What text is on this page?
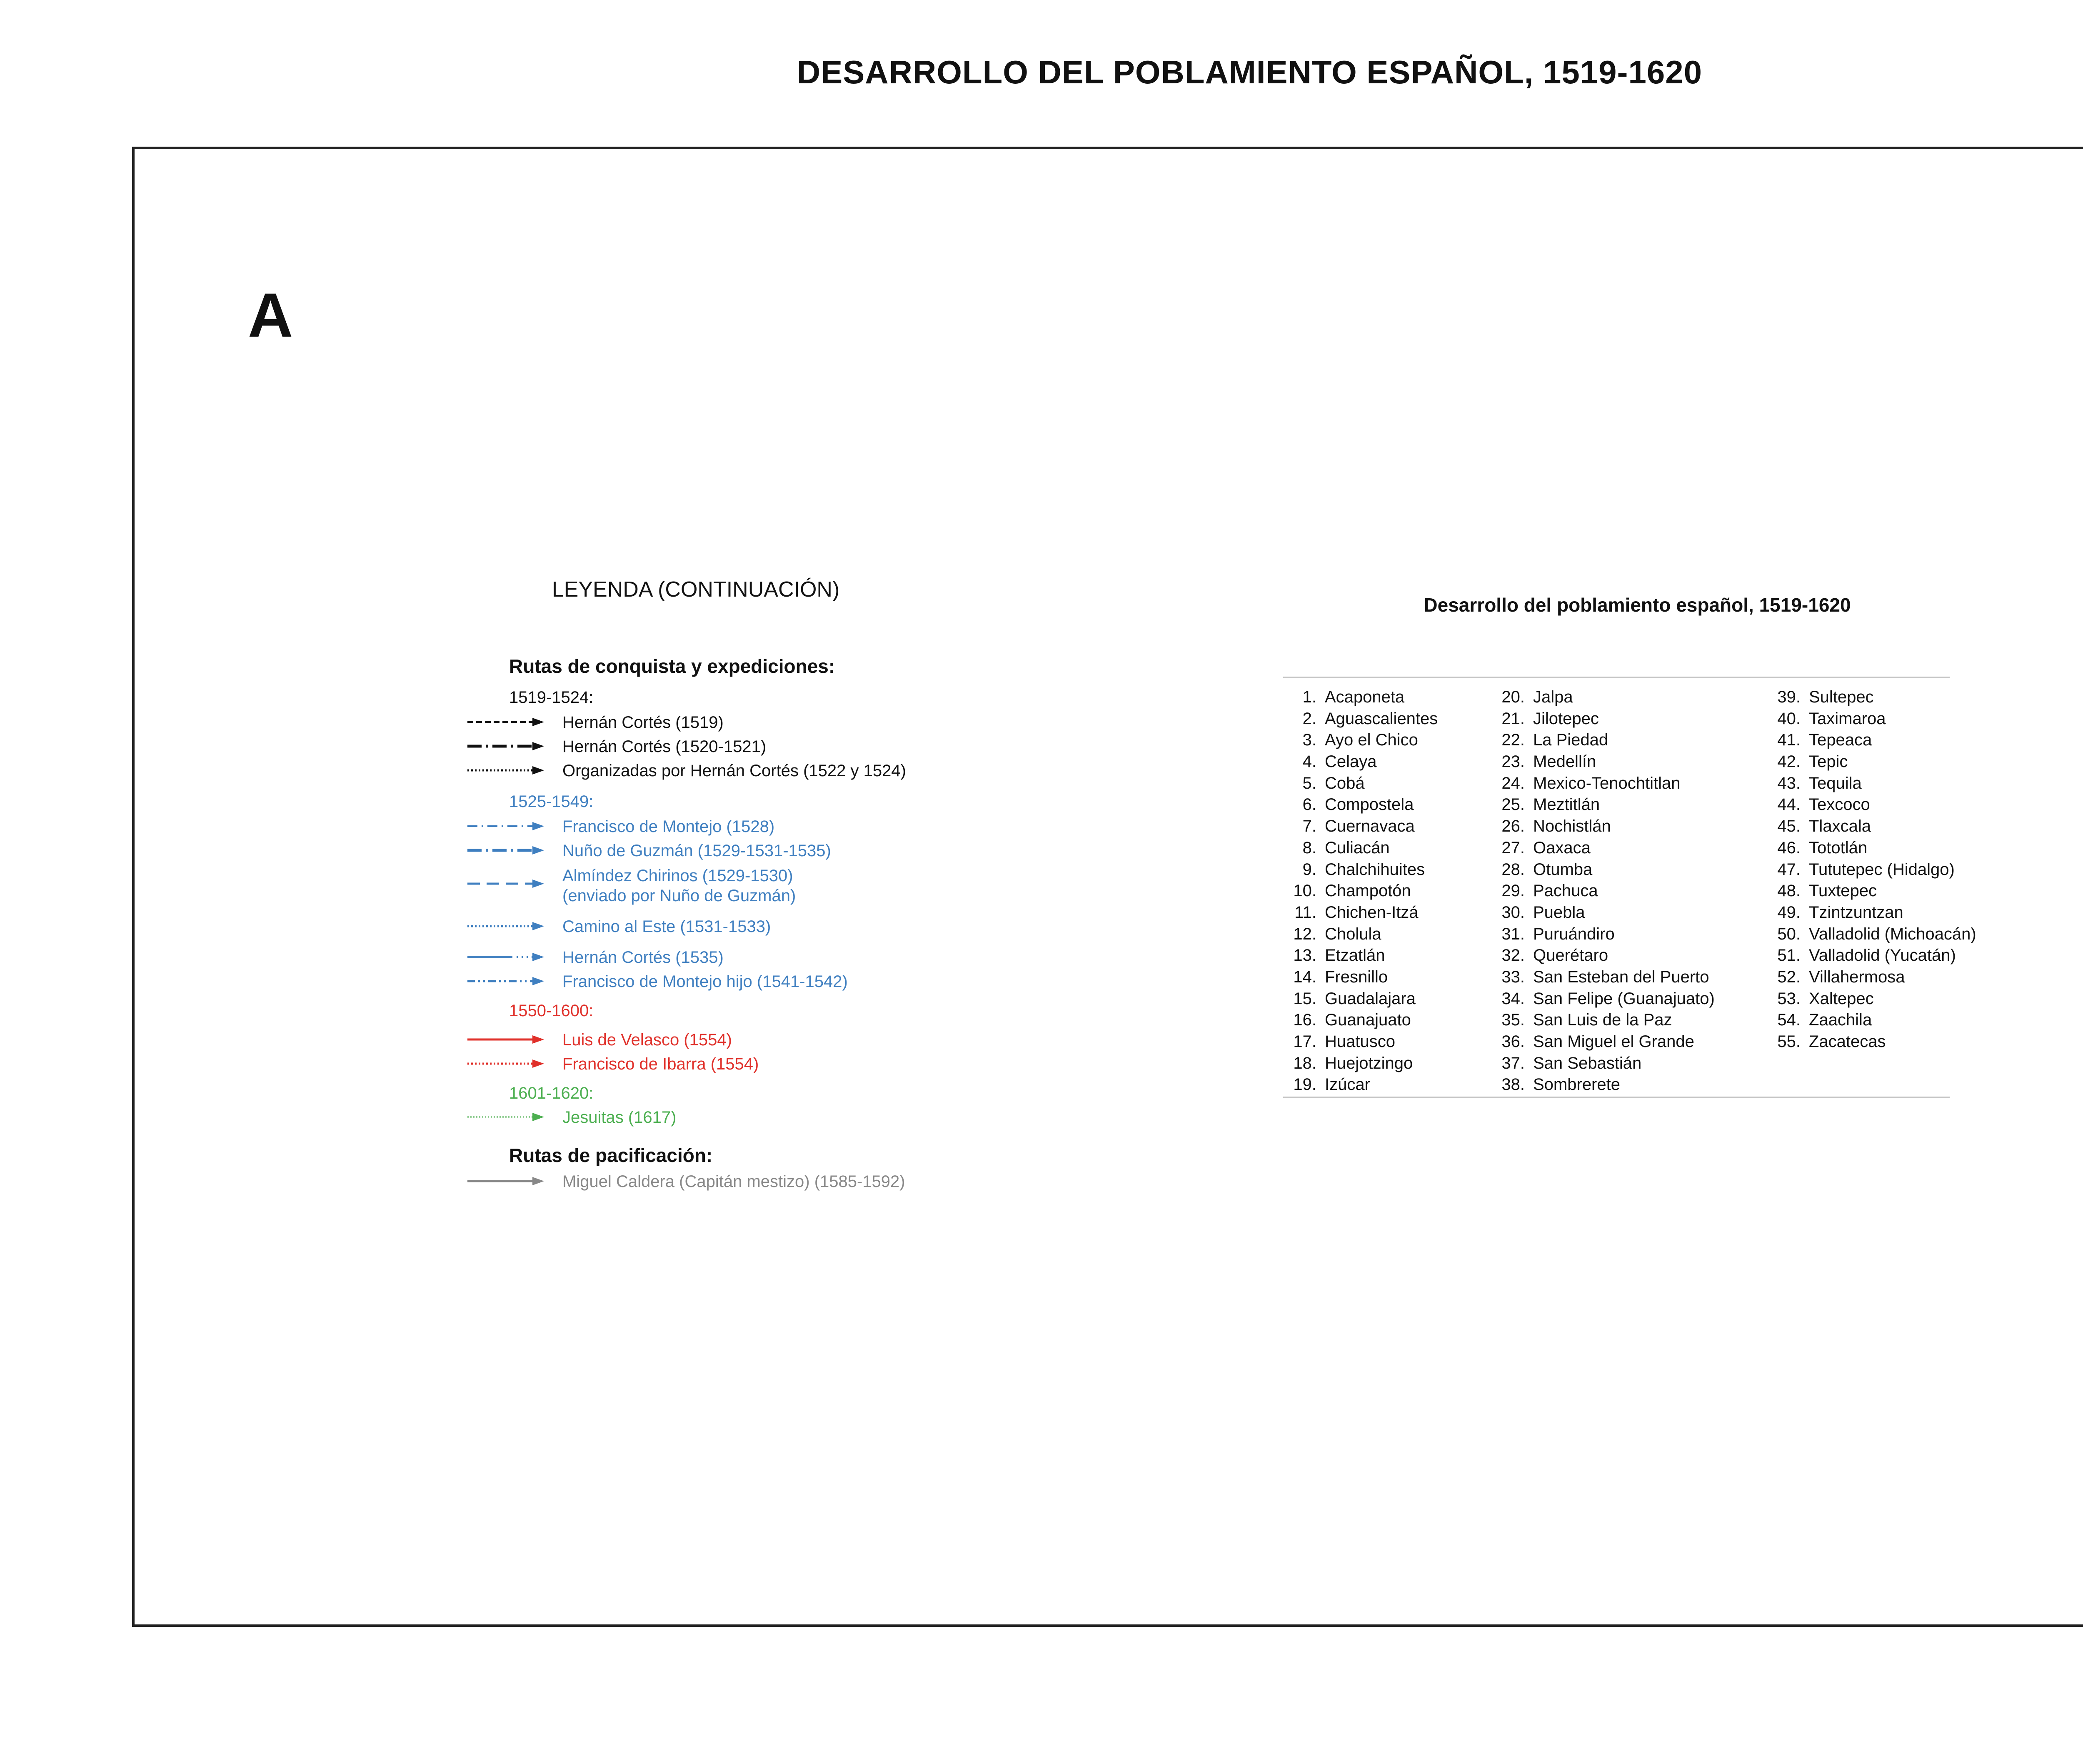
DESARROLLO DEL POBLAMIENTO ESPAÑOL, 1519-1620
A
LEYENDA (CONTINUACIÓN)
Rutas de conquista y expediciones:
1519-1524:
Hernán Cortés (1519)
Hernán Cortés (1520-1521)
Organizadas por Hernán Cortés (1522 y 1524)
1525-1549:
Francisco de Montejo (1528)
Nuño de Guzmán (1529-1531-1535)
Almíndez Chirinos (1529-1530)
(enviado por Nuño de Guzmán)
Camino al Este (1531-1533)
Hernán Cortés (1535)
Francisco de Montejo hijo (1541-1542)
1550-1600:
Luis de Velasco (1554)
Francisco de Ibarra (1554)
1601-1620:
Jesuitas (1617)
Rutas de pacificación:
Miguel Caldera (Capitán mestizo) (1585-1592)
Desarrollo del poblamiento español, 1519-1620
1. Acaponeta
2. Aguascalientes
3. Ayo el Chico
4. Celaya
5. Cobá
6. Compostela
7. Cuernavaca
8. Culiacán
9. Chalchihuites
10. Champotón
11. Chichen-Itzá
12. Cholula
13. Etzatlán
14. Fresnillo
15. Guadalajara
16. Guanajuato
17. Huatusco
18. Huejotzingo
19. Izúcar
20. Jalpa
21. Jilotepec
22. La Piedad
23. Medellín
24. Mexico-Tenochtitlan
25. Meztitlán
26. Nochistlán
27. Oaxaca
28. Otumba
29. Pachuca
30. Puebla
31. Puruándiro
32. Querétaro
33. San Esteban del Puerto
34. San Felipe (Guanajuato)
35. San Luis de la Paz
36. San Miguel el Grande
37. San Sebastián
38. Sombrerete
39. Sultepec
40. Taximaroa
41. Tepeaca
42. Tepic
43. Tequila
44. Texcoco
45. Tlaxcala
46. Tototlán
47. Tututepec (Hidalgo)
48. Tuxtepec
49. Tzintzuntzan
50. Valladolid (Michoacán)
51. Valladolid (Yucatán)
52. Villahermosa
53. Xaltepec
54. Zaachila
55. Zacatecas
